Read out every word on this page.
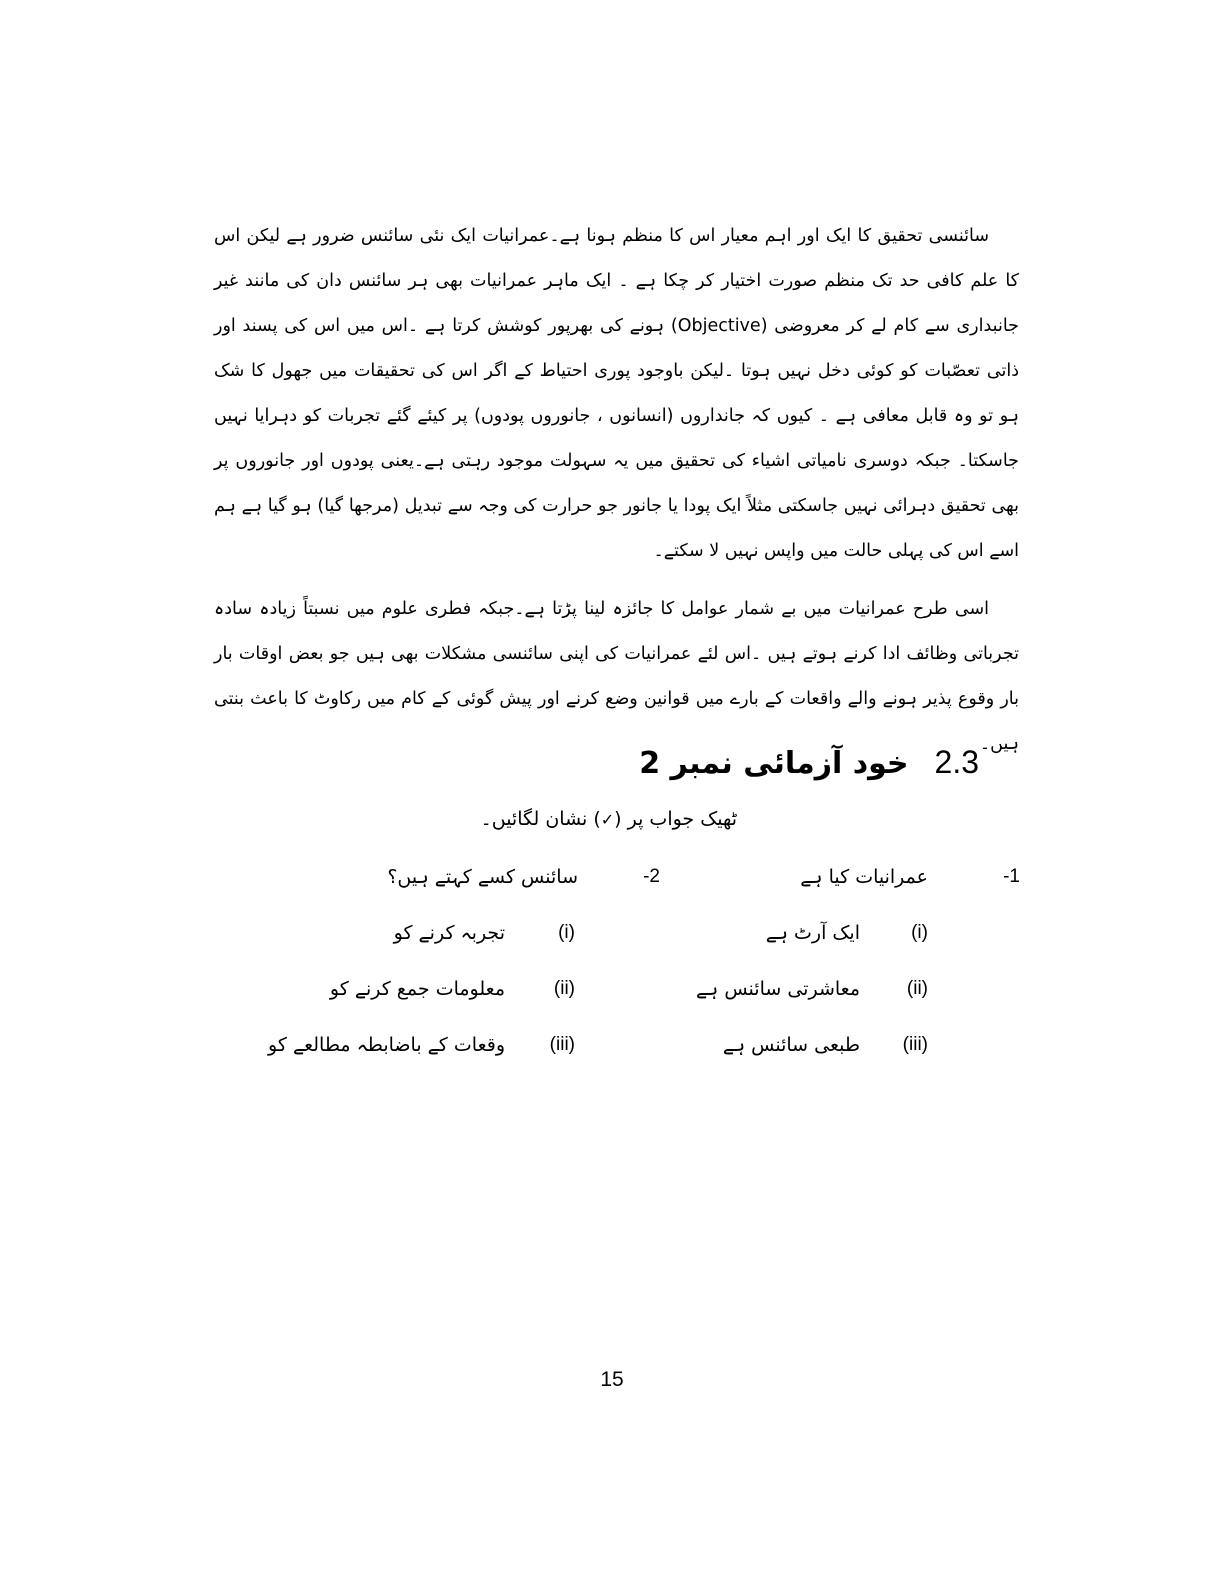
سائنسی تحقیق کا ایک اور اہم معیار اس کا منظم ہونا ہے۔عمرانیات ایک نئی سائنس ضرور ہے لیکن اس کا علم کافی حد تک منظم صورت اختیار کر چکا ہے ۔ ایک ماہر عمرانیات بھی ہر سائنس دان کی مانند غیر جانبداری سے کام لے کر معروضی (Objective) ہونے کی بھرپور کوشش کرتا ہے ۔اس میں اس کی پسند اور ذاتی تعصّبات کو کوئی دخل نہیں ہوتا ۔لیکن باوجود پوری احتیاط کے اگر اس کی تحقیقات میں جھول کا شک ہو تو وہ قابل معافی ہے ۔ کیوں کہ جانداروں (انسانوں ، جانوروں پودوں) پر کیئے گئے تجربات کو دہرایا نہیں جاسکتا۔ جبکہ دوسری نامیاتی اشیاء کی تحقیق میں یہ سہولت موجود رہتی ہے۔یعنی پودوں اور جانوروں پر بھی تحقیق دہرائی نہیں جاسکتی مثلاً ایک پودا یا جانور جو حرارت کی وجہ سے تبدیل (مرجھا گیا) ہو گیا ہے ہم اسے اس کی پہلی حالت میں واپس نہیں لا سکتے۔

اسی طرح عمرانیات میں بے شمار عوامل کا جائزہ لینا پڑتا ہے۔جبکہ فطری علوم میں نسبتاً زیادہ سادہ تجرباتی وظائف ادا کرنے ہوتے ہیں ۔اس لئے عمرانیات کی اپنی سائنسی مشکلات بھی ہیں جو بعض اوقات بار بار وقوع پذیر ہونے والے واقعات کے بارے میں قوانین وضع کرنے اور پیش گوئی کے کام میں رکاوٹ کا باعث بنتی ہیں۔

2.3خود آزمائی نمبر 2
ٹھیک جواب پر (✓) نشان لگائیں۔
-1
عمرانیات کیا ہے
(i)
ایک آرٹ ہے
(ii)
معاشرتی سائنس ہے
(iii)
طبعی سائنس ہے
-2
سائنس کسے کہتے ہیں؟
(i)
تجربہ کرنے کو
(ii)
معلومات جمع کرنے کو
(iii)
وقعات کے باضابطہ مطالعے کو
15
